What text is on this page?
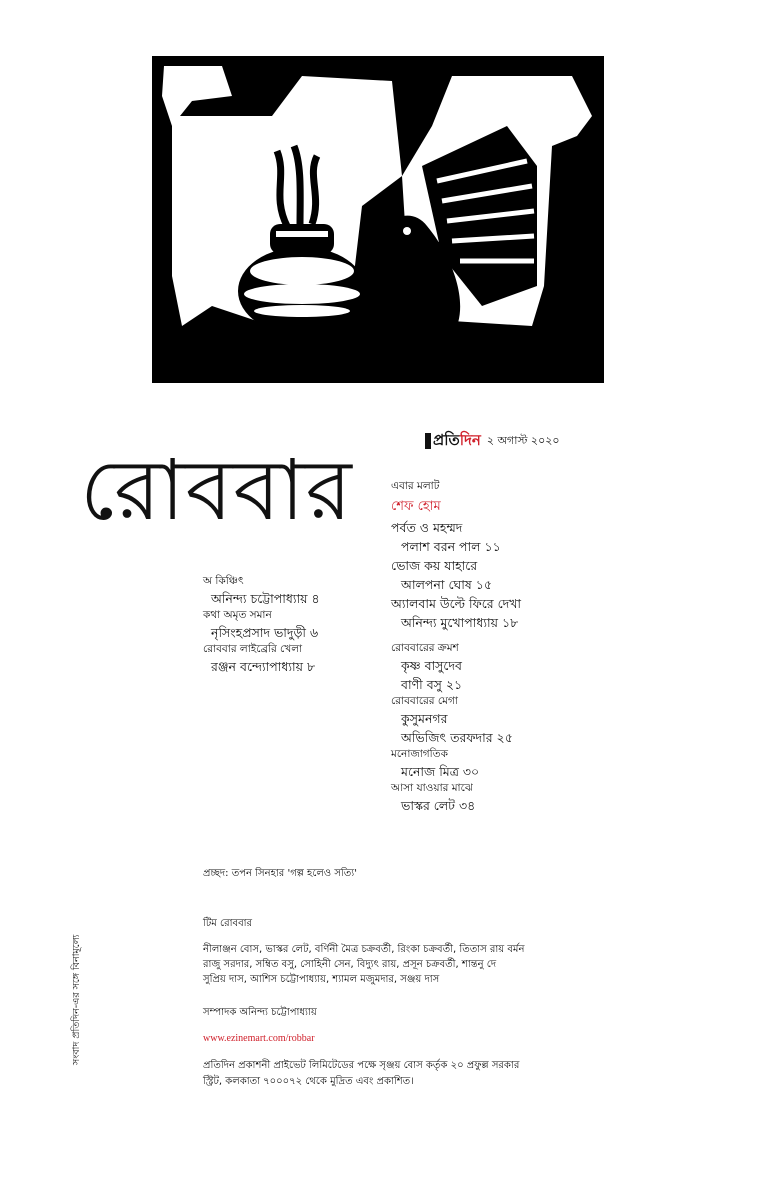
প্রতি দিন ২ অগাস্ট ২০২০
রোববার	এবার মলাট
শেফ হোম
পর্বত ও মহম্মদ
পলাশ বরন পাল ১১
ভোজ কয় যাহারে
আলপনা ঘোষ ১৫
অ্যালবাম উল্টে ফিরে দেখা
অনিন্দ্য মুখোপাধ্যায় ১৮
রোববারের ক্রমশ
কৃষ্ণ বাসুদেব
বাণী বসু ২১
রোববারের মেগা
কুসুমনগর
অভিজিৎ তরফদার ২৫
মনোজাগতিক
মনোজ মিত্র ৩০
আসা যাওয়ার মাঝে
ভাস্কর লেট ৩৪
অ কিঞ্চিৎ
অনিন্দ্য চট্টোপাধ্যায় ৪
কথা অমৃত সমান
নৃসিংহপ্রসাদ ভাদুড়ী ৬
রোববার লাইব্রেরি খেলা
রঞ্জন বন্দ্যোপাধ্যায় ৮
প্রচ্ছদ: তপন সিনহার 'গল্প হলেও সত্যি'
সংবাদ প্রতিদিন-এর সঙ্গে বিনামূল্যে
টিম রোববার
নীলাঞ্জন বোস, ভাস্কর লেট, বর্ণিনী মৈত্র চক্রবর্তী, রিংকা চক্রবর্তী, তিতাস রায় বর্মন
রাজু সরদার, সম্বিত বসু, সোহিনী সেন, বিদ্যুৎ রায়, প্রসূন চক্রবর্তী, শান্তনু দে
সুপ্রিয় দাস, আশিস চট্টোপাধ্যায়, শ্যামল মজুমদার, সঞ্জয় দাস
সম্পাদক অনিন্দ্য চট্টোপাধ্যায়
www.ezinemart.com/robbar
প্রতিদিন প্রকাশনী প্রাইভেট লিমিটেডের পক্ষে সৃঞ্জয় বোস কর্তৃক ২০ প্রফুল্ল সরকার
স্ট্রিট, কলকাতা ৭০০০৭২ থেকে মুদ্রিত এবং প্রকাশিত।
